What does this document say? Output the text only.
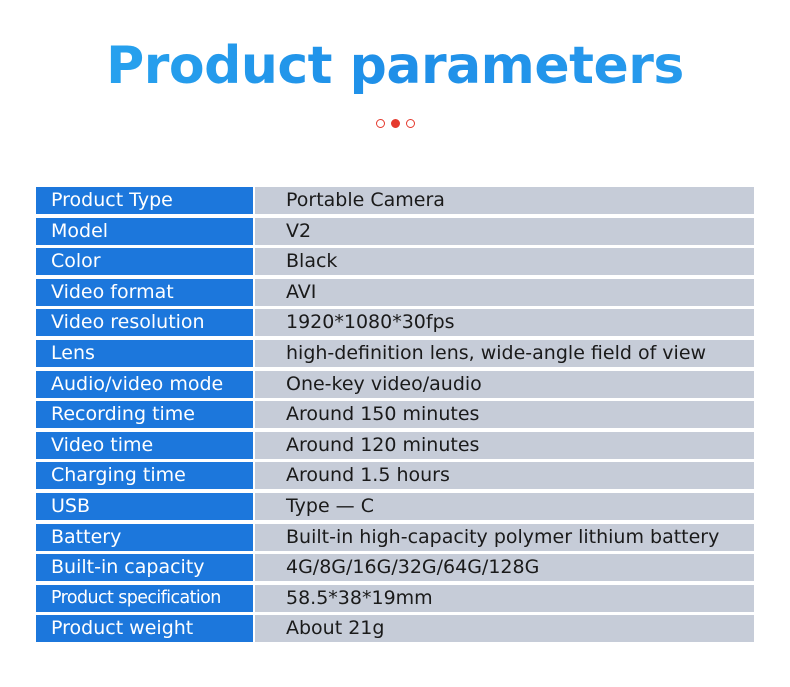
Product parameters
Product Type	Portable Camera
Model	V2
Color	Black
Video format	AVI
Video resolution	1920*1080*30fps
Lens	high-definition lens, wide-angle field of view
Audio/video mode	One-key video/audio
Recording time	Around 150 minutes
Video time	Around 120 minutes
Charging time	Around 1.5 hours
USB	Type — C
Battery	Built-in high-capacity polymer lithium battery
Built-in capacity	4G/8G/16G/32G/64G/128G
Product specification	58.5*38*19mm
Product weight	About 21g
